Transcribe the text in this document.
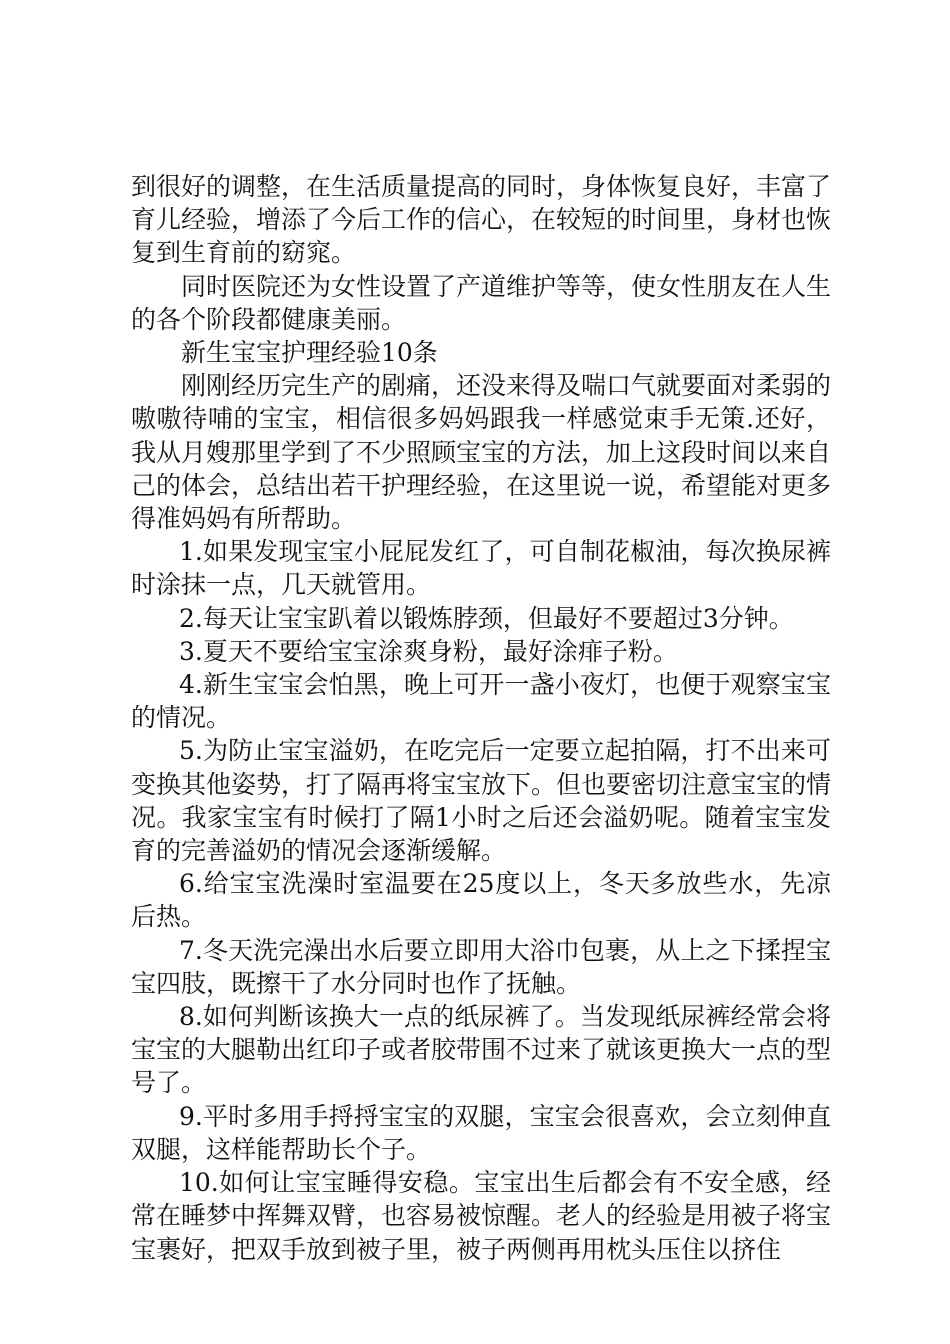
到很好的调整，在生活质量提高的同时，身体恢复良好，丰富了育儿经验，增添了今后工作的信心，在较短的时间里，身材也恢复到生育前的窈窕。

同时医院还为女性设置了产道维护等等，使女性朋友在人生的各个阶段都健康美丽。

新生宝宝护理经验10条

刚刚经历完生产的剧痛，还没来得及喘口气就要面对柔弱的嗷嗷待哺的宝宝，相信很多妈妈跟我一样感觉束手无策.还好，我从月嫂那里学到了不少照顾宝宝的方法，加上这段时间以来自己的体会，总结出若干护理经验，在这里说一说，希望能对更多得准妈妈有所帮助。

1.如果发现宝宝小屁屁发红了，可自制花椒油，每次换尿裤时涂抹一点，几天就管用。

2.每天让宝宝趴着以锻炼脖颈，但最好不要超过3分钟。

3.夏天不要给宝宝涂爽身粉，最好涂痱子粉。

4.新生宝宝会怕黑，晚上可开一盏小夜灯，也便于观察宝宝的情况。

5.为防止宝宝溢奶，在吃完后一定要立起拍隔，打不出来可变换其他姿势，打了隔再将宝宝放下。但也要密切注意宝宝的情况。我家宝宝有时候打了隔1小时之后还会溢奶呢。随着宝宝发育的完善溢奶的情况会逐渐缓解。

6.给宝宝洗澡时室温要在25度以上，冬天多放些水，先凉后热。

7.冬天洗完澡出水后要立即用大浴巾包裹，从上之下揉捏宝宝四肢，既擦干了水分同时也作了抚触。

8.如何判断该换大一点的纸尿裤了。当发现纸尿裤经常会将宝宝的大腿勒出红印子或者胶带围不过来了就该更换大一点的型号了。

9.平时多用手捋捋宝宝的双腿，宝宝会很喜欢，会立刻伸直双腿，这样能帮助长个子。

10.如何让宝宝睡得安稳。宝宝出生后都会有不安全感，经常在睡梦中挥舞双臂，也容易被惊醒。老人的经验是用被子将宝宝裹好，把双手放到被子里，被子两侧再用枕头压住以挤住
